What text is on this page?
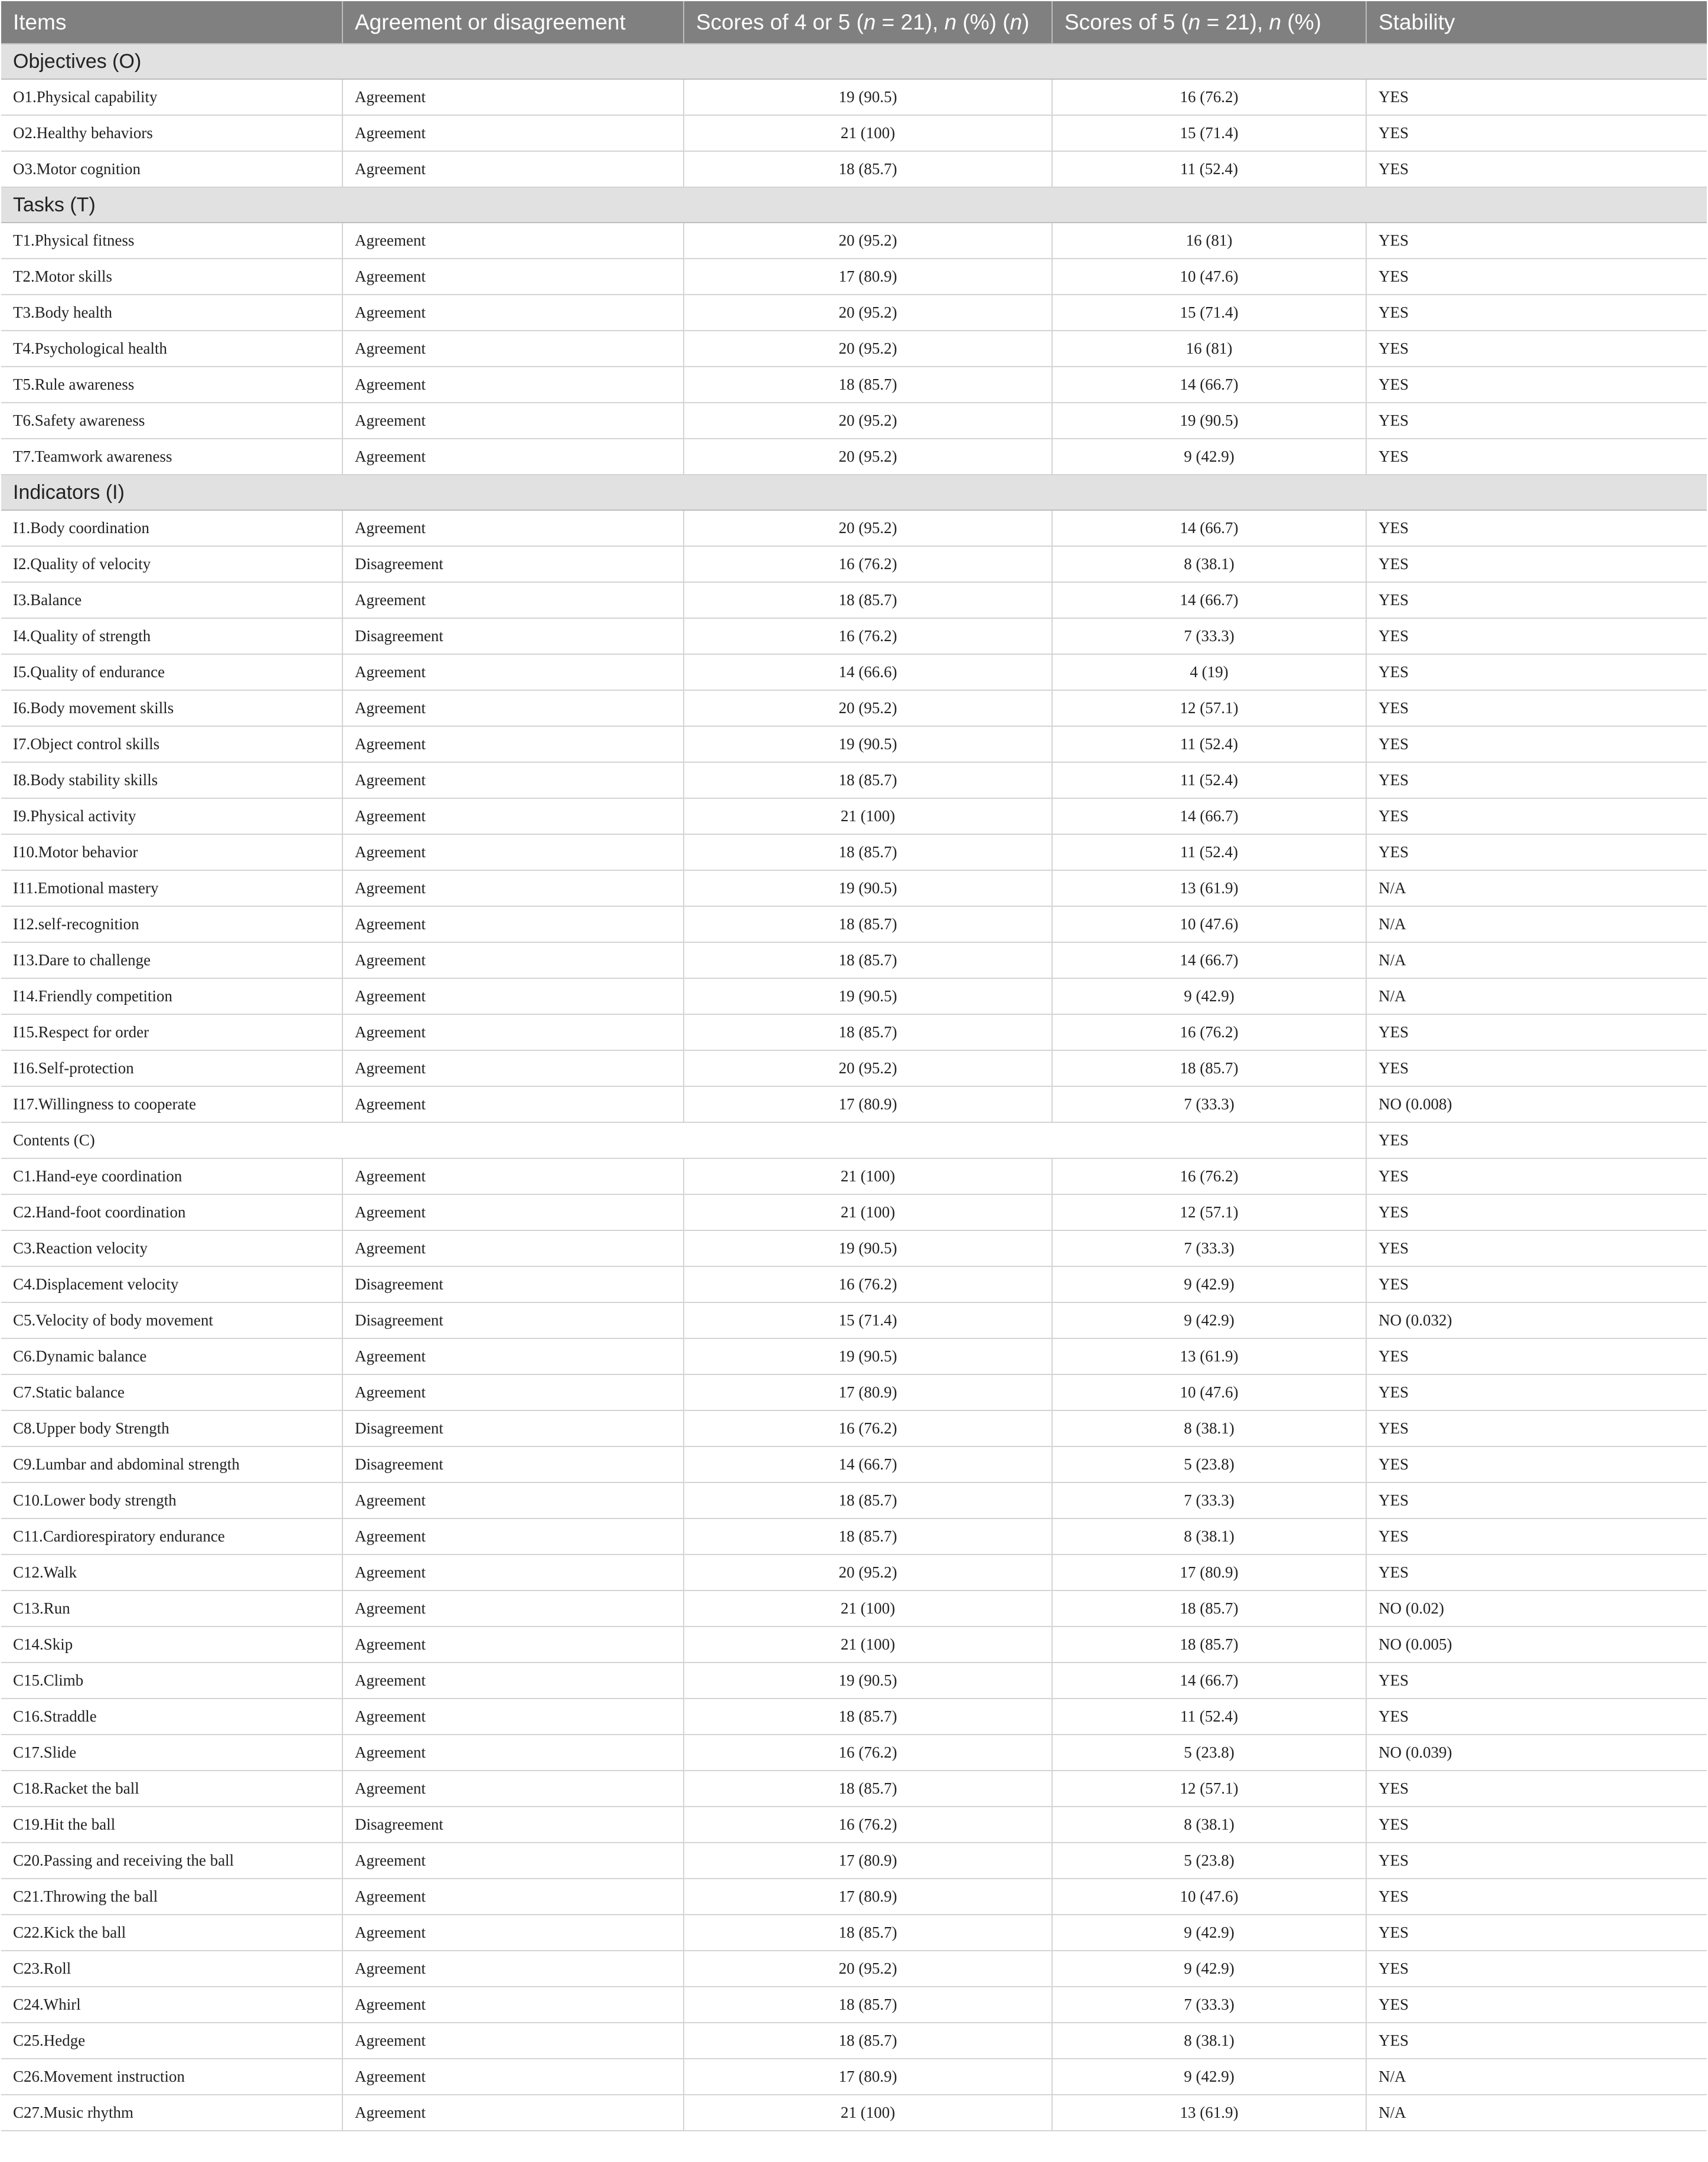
Items	Agreement or disagreement	Scores of 4 or 5 (n = 21), n (%) (n)	Scores of 5 (n = 21), n (%)	Stability
Objectives (O)				
O1.Physical capability	Agreement	19 (90.5)	16 (76.2)	YES
O2.Healthy behaviors	Agreement	21 (100)	15 (71.4)	YES
O3.Motor cognition	Agreement	18 (85.7)	11 (52.4)	YES
Tasks (T)				
T1.Physical fitness	Agreement	20 (95.2)	16 (81)	YES
T2.Motor skills	Agreement	17 (80.9)	10 (47.6)	YES
T3.Body health	Agreement	20 (95.2)	15 (71.4)	YES
T4.Psychological health	Agreement	20 (95.2)	16 (81)	YES
T5.Rule awareness	Agreement	18 (85.7)	14 (66.7)	YES
T6.Safety awareness	Agreement	20 (95.2)	19 (90.5)	YES
T7.Teamwork awareness	Agreement	20 (95.2)	9 (42.9)	YES
Indicators (I)				
I1.Body coordination	Agreement	20 (95.2)	14 (66.7)	YES
I2.Quality of velocity	Disagreement	16 (76.2)	8 (38.1)	YES
I3.Balance	Agreement	18 (85.7)	14 (66.7)	YES
I4.Quality of strength	Disagreement	16 (76.2)	7 (33.3)	YES
I5.Quality of endurance	Agreement	14 (66.6)	4 (19)	YES
I6.Body movement skills	Agreement	20 (95.2)	12 (57.1)	YES
I7.Object control skills	Agreement	19 (90.5)	11 (52.4)	YES
I8.Body stability skills	Agreement	18 (85.7)	11 (52.4)	YES
I9.Physical activity	Agreement	21 (100)	14 (66.7)	YES
I10.Motor behavior	Agreement	18 (85.7)	11 (52.4)	YES
I11.Emotional mastery	Agreement	19 (90.5)	13 (61.9)	N/A
I12.self-recognition	Agreement	18 (85.7)	10 (47.6)	N/A
I13.Dare to challenge	Agreement	18 (85.7)	14 (66.7)	N/A
I14.Friendly competition	Agreement	19 (90.5)	9 (42.9)	N/A
I15.Respect for order	Agreement	18 (85.7)	16 (76.2)	YES
I16.Self-protection	Agreement	20 (95.2)	18 (85.7)	YES
I17.Willingness to cooperate	Agreement	17 (80.9)	7 (33.3)	NO (0.008)
Contents (C)				YES
C1.Hand-eye coordination	Agreement	21 (100)	16 (76.2)	YES
C2.Hand-foot coordination	Agreement	21 (100)	12 (57.1)	YES
C3.Reaction velocity	Agreement	19 (90.5)	7 (33.3)	YES
C4.Displacement velocity	Disagreement	16 (76.2)	9 (42.9)	YES
C5.Velocity of body movement	Disagreement	15 (71.4)	9 (42.9)	NO (0.032)
C6.Dynamic balance	Agreement	19 (90.5)	13 (61.9)	YES
C7.Static balance	Agreement	17 (80.9)	10 (47.6)	YES
C8.Upper body Strength	Disagreement	16 (76.2)	8 (38.1)	YES
C9.Lumbar and abdominal strength	Disagreement	14 (66.7)	5 (23.8)	YES
C10.Lower body strength	Agreement	18 (85.7)	7 (33.3)	YES
C11.Cardiorespiratory endurance	Agreement	18 (85.7)	8 (38.1)	YES
C12.Walk	Agreement	20 (95.2)	17 (80.9)	YES
C13.Run	Agreement	21 (100)	18 (85.7)	NO (0.02)
C14.Skip	Agreement	21 (100)	18 (85.7)	NO (0.005)
C15.Climb	Agreement	19 (90.5)	14 (66.7)	YES
C16.Straddle	Agreement	18 (85.7)	11 (52.4)	YES
C17.Slide	Agreement	16 (76.2)	5 (23.8)	NO (0.039)
C18.Racket the ball	Agreement	18 (85.7)	12 (57.1)	YES
C19.Hit the ball	Disagreement	16 (76.2)	8 (38.1)	YES
C20.Passing and receiving the ball	Agreement	17 (80.9)	5 (23.8)	YES
C21.Throwing the ball	Agreement	17 (80.9)	10 (47.6)	YES
C22.Kick the ball	Agreement	18 (85.7)	9 (42.9)	YES
C23.Roll	Agreement	20 (95.2)	9 (42.9)	YES
C24.Whirl	Agreement	18 (85.7)	7 (33.3)	YES
C25.Hedge	Agreement	18 (85.7)	8 (38.1)	YES
C26.Movement instruction	Agreement	17 (80.9)	9 (42.9)	N/A
C27.Music rhythm	Agreement	21 (100)	13 (61.9)	N/A
